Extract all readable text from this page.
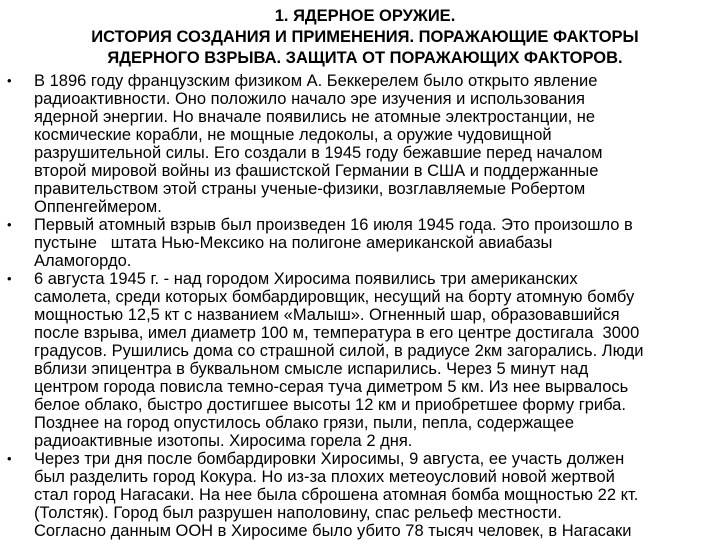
1. ЯДЕРНОЕ ОРУЖИЕ.
ИСТОРИЯ СОЗДАНИЯ И ПРИМЕНЕНИЯ. ПОРАЖАЮЩИЕ ФАКТОРЫ
ЯДЕРНОГО ВЗРЫВА. ЗАЩИТА ОТ ПОРАЖАЮЩИХ ФАКТОРОВ.
• В 1896 году французским физиком А. Беккерелем было открыто явление
радиоактивности. Оно положило начало эре изучения и использования
ядерной энергии. Но вначале появились не атомные электростанции, не
космические корабли, не мощные ледоколы, а оружие чудовищной
разрушительной силы. Его создали в 1945 году бежавшие перед началом
второй мировой войны из фашистской Германии в США и поддержанные
правительством этой страны ученые-физики, возглавляемые Робертом
Оппенгеймером.
• Первый атомный взрыв был произведен 16 июля 1945 года. Это произошло в
пустыне   штата Нью-Мексико на полигоне американской авиабазы
Аламогордо.
• 6 августа 1945 г. - над городом Хиросима появились три американских
самолета, среди которых бомбардировщик, несущий на борту атомную бомбу
мощностью 12,5 кт с названием «Малыш». Огненный шар, образовавшийся
после взрыва, имел диаметр 100 м, температура в его центре достигала  3000
градусов. Рушились дома со страшной силой, в радиусе 2км загорались. Люди
вблизи эпицентра в буквальном смысле испарились. Через 5 минут над
центром города повисла темно-серая туча диметром 5 км. Из нее вырвалось
белое облако, быстро достигшее высоты 12 км и приобретшее форму гриба.
Позднее на город опустилось облако грязи, пыли, пепла, содержащее
радиоактивные изотопы. Хиросима горела 2 дня.
• Через три дня после бомбардировки Хиросимы, 9 августа, ее участь должен
был разделить город Кокура. Но из-за плохих метеоусловий новой жертвой
стал город Нагасаки. На нее была сброшена атомная бомба мощностью 22 кт.
(Толстяк). Город был разрушен наполовину, спас рельеф местности.
Согласно данным ООН в Хиросиме было убито 78 тысяч человек, в Нагасаки
